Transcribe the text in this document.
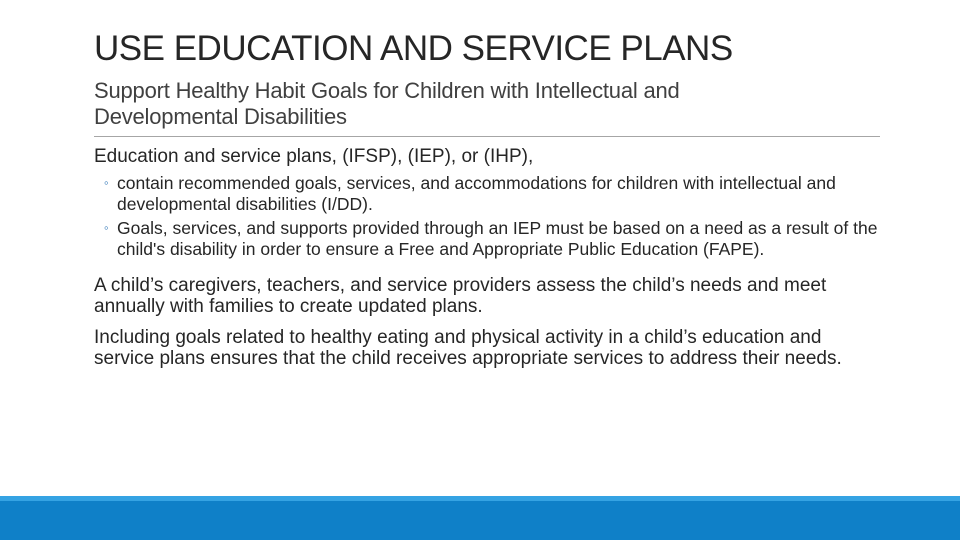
USE EDUCATION AND SERVICE PLANS
Support Healthy Habit Goals for Children with Intellectual and Developmental Disabilities

Education and service plans, (IFSP), (IEP), or (IHP),

◦ contain recommended goals, services, and accommodations for children with intellectual and developmental disabilities (I/DD).
◦ Goals, services, and supports provided through an IEP must be based on a need as a result of the child's disability in order to ensure a Free and Appropriate Public Education (FAPE).

A child’s caregivers, teachers, and service providers assess the child’s needs and meet annually with families to create updated plans.

Including goals related to healthy eating and physical activity in a child’s education and service plans ensures that the child receives appropriate services to address their needs.
